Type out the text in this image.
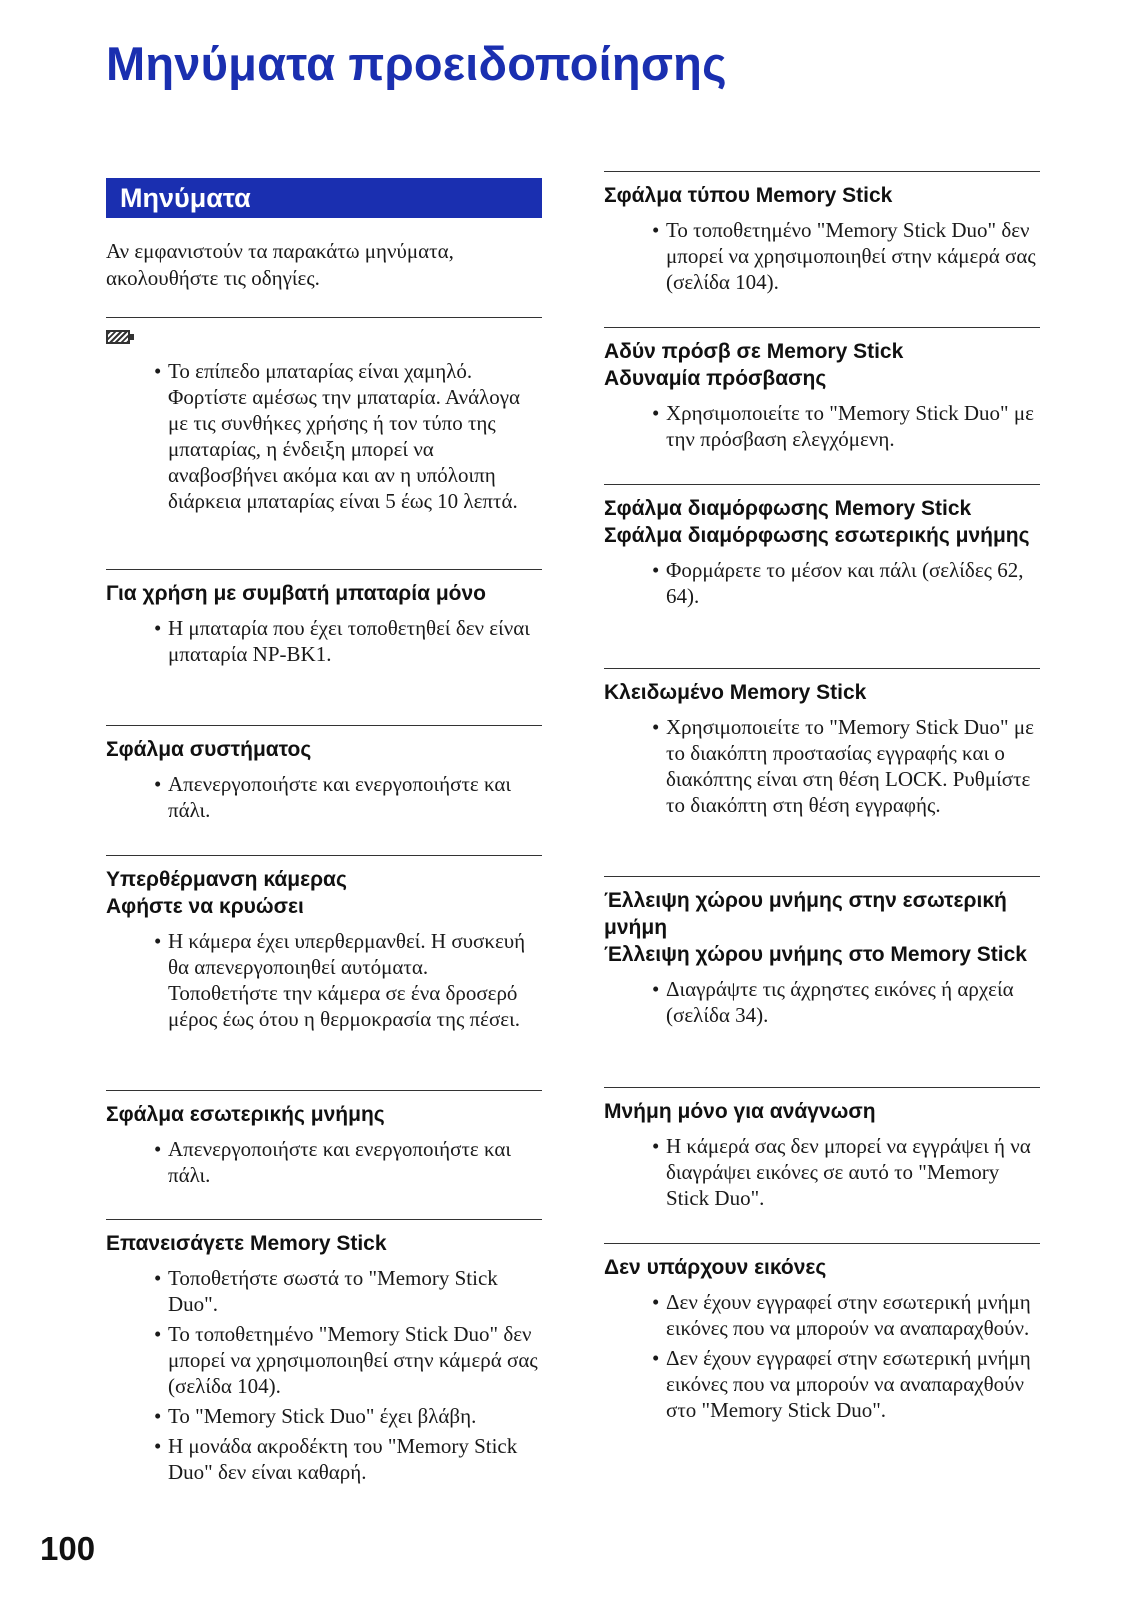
Μηνύματα προειδοποίησης
Μηνύματα
Αν εμφανιστούν τα παρακάτω μηνύματα, ακολουθήστε τις οδηγίες.
• Το επίπεδο μπαταρίας είναι χαμηλό. Φορτίστε αμέσως την μπαταρία. Ανάλογα με τις συνθήκες χρήσης ή τον τύπο της μπαταρίας, η ένδειξη μπορεί να αναβοσβήνει ακόμα και αν η υπόλοιπη διάρκεια μπαταρίας είναι 5 έως 10 λεπτά.
Για χρήση με συμβατή μπαταρία μόνο
• Η μπαταρία που έχει τοποθετηθεί δεν είναι μπαταρία NP-BK1.
Σφάλμα συστήματος
• Απενεργοποιήστε και ενεργοποιήστε και πάλι.
Υπερθέρμανση κάμερας
Αφήστε να κρυώσει
• Η κάμερα έχει υπερθερμανθεί. Η συσκευή θα απενεργοποιηθεί αυτόματα. Τοποθετήστε την κάμερα σε ένα δροσερό μέρος έως ότου η θερμοκρασία της πέσει.
Σφάλμα εσωτερικής μνήμης
• Απενεργοποιήστε και ενεργοποιήστε και πάλι.
Επανεισάγετε Memory Stick
• Τοποθετήστε σωστά το "Memory Stick Duo".
• Το τοποθετημένο "Memory Stick Duo" δεν μπορεί να χρησιμοποιηθεί στην κάμερά σας (σελίδα 104).
• Το "Memory Stick Duo" έχει βλάβη.
• Η μονάδα ακροδέκτη του "Memory Stick Duo" δεν είναι καθαρή.
Σφάλμα τύπου Memory Stick
• Το τοποθετημένο "Memory Stick Duo" δεν μπορεί να χρησιμοποιηθεί στην κάμερά σας (σελίδα 104).
Αδύν πρόσβ σε Memory Stick
Αδυναμία πρόσβασης
• Χρησιμοποιείτε το "Memory Stick Duo" με την πρόσβαση ελεγχόμενη.
Σφάλμα διαμόρφωσης Memory Stick
Σφάλμα διαμόρφωσης εσωτερικής μνήμης
• Φορμάρετε το μέσον και πάλι (σελίδες 62, 64).
Κλειδωμένο Memory Stick
• Χρησιμοποιείτε το "Memory Stick Duo" με το διακόπτη προστασίας εγγραφής και ο διακόπτης είναι στη θέση LOCK. Ρυθμίστε το διακόπτη στη θέση εγγραφής.
Έλλειψη χώρου μνήμης στην εσωτερική μνήμη
Έλλειψη χώρου μνήμης στο Memory Stick
• Διαγράψτε τις άχρηστες εικόνες ή αρχεία (σελίδα 34).
Μνήμη μόνο για ανάγνωση
• Η κάμερά σας δεν μπορεί να εγγράψει ή να διαγράψει εικόνες σε αυτό το "Memory Stick Duo".
Δεν υπάρχουν εικόνες
• Δεν έχουν εγγραφεί στην εσωτερική μνήμη εικόνες που να μπορούν να αναπαραχθούν.
• Δεν έχουν εγγραφεί στην εσωτερική μνήμη εικόνες που να μπορούν να αναπαραχθούν στο "Memory Stick Duo".
100
